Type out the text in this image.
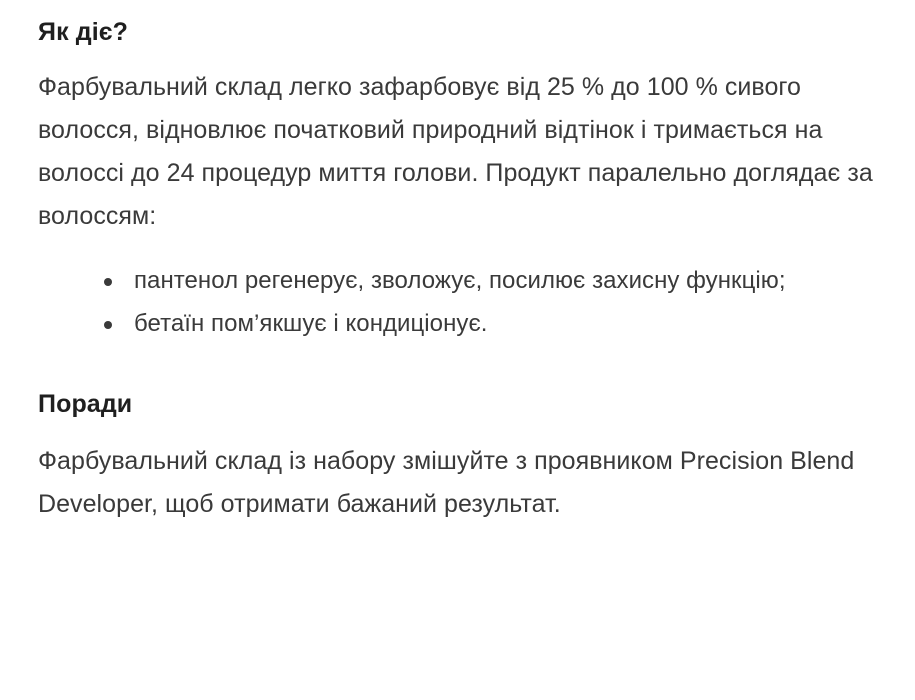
Як діє?

Фарбувальний склад легко зафарбовує від 25 % до 100 % сивого волосся, відновлює початковий природний відтінок і тримається на волоссі до 24 процедур миття голови. Продукт паралельно доглядає за волоссям:

пантенол регенерує, зволожує, посилює захисну функцію;
бетаїн пом’якшує і кондиціонує.
Поради

Фарбувальний склад із набору змішуйте з проявником Precision Blend Developer, щоб отримати бажаний результат.
